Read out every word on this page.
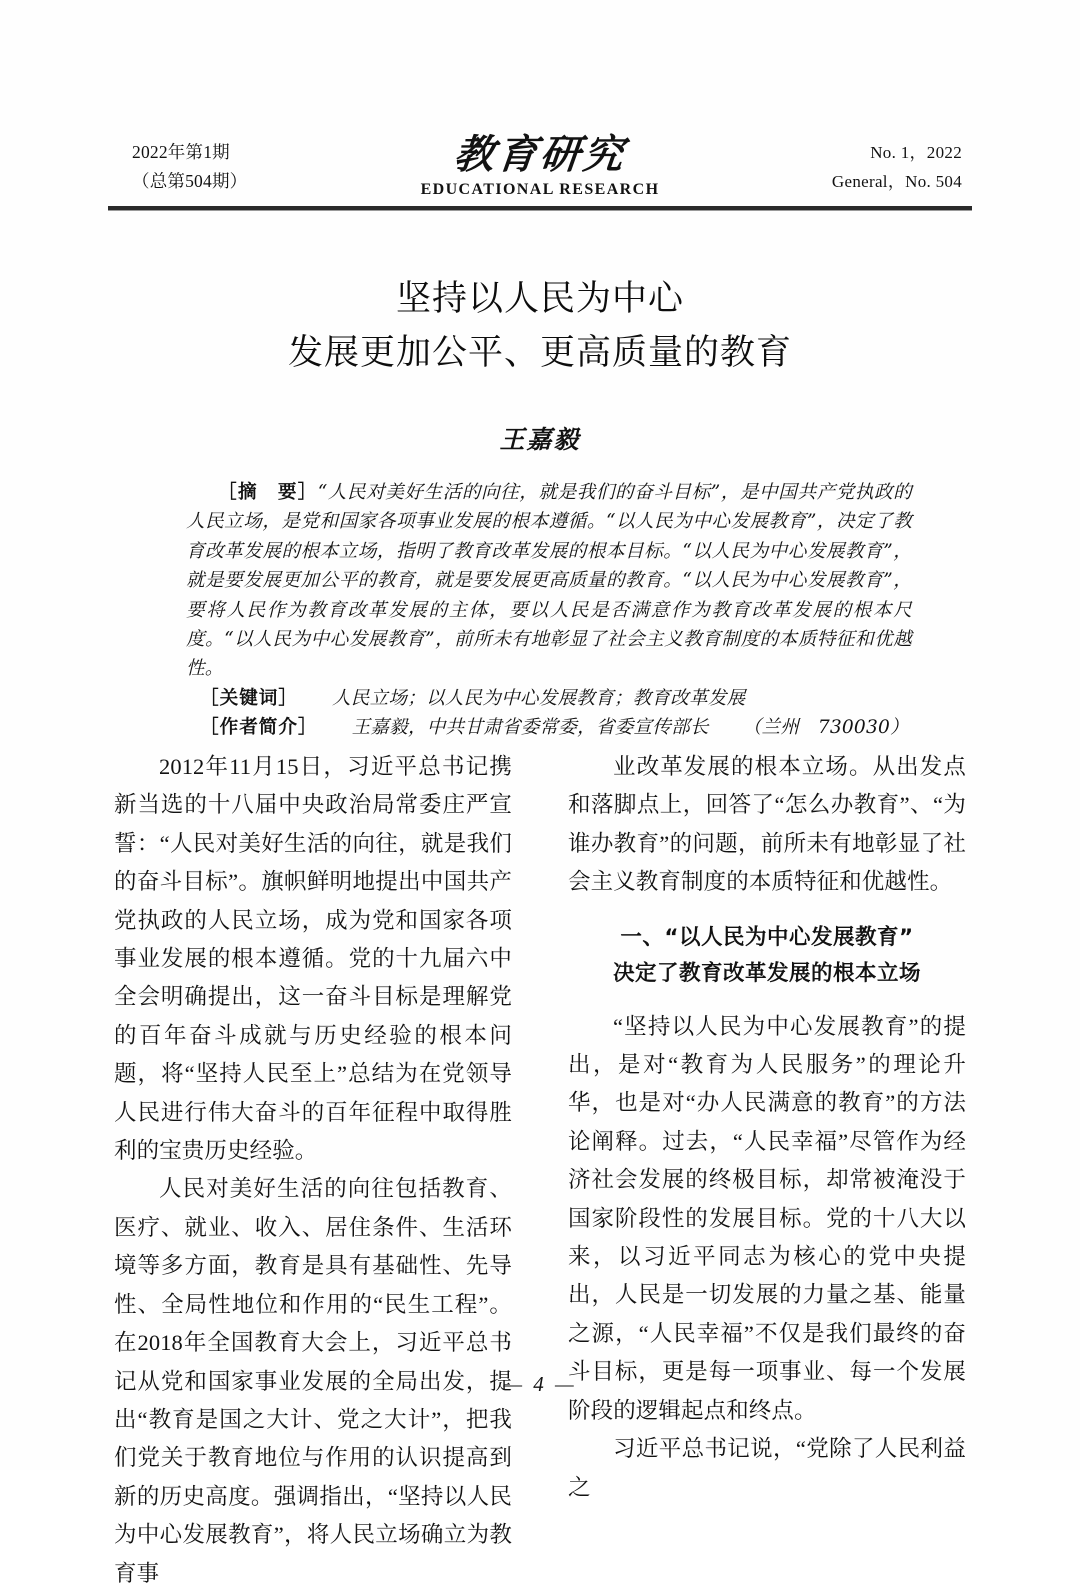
2022年第1期
（总第504期）
教育研究
EDUCATIONAL RESEARCH
No. 1，2022
General，No. 504
坚持以人民为中心
发展更加公平、更高质量的教育
王嘉毅

［摘　要］“人民对美好生活的向往，就是我们的奋斗目标”，是中国共产党执政的人民立场，是党和国家各项事业发展的根本遵循。“以人民为中心发展教育”，决定了教育改革发展的根本立场，指明了教育改革发展的根本目标。“以人民为中心发展教育”，就是要发展更加公平的教育，就是要发展更高质量的教育。“以人民为中心发展教育”，要将人民作为教育改革发展的主体，要以人民是否满意作为教育改革发展的根本尺度。“以人民为中心发展教育”，前所未有地彰显了社会主义教育制度的本质特征和优越性。

［关键词］ 人民立场；以人民为中心发展教育；教育改革发展

［作者简介］ 王嘉毅，中共甘肃省委常委，省委宣传部长 （兰州　730030）

2012年11月15日，习近平总书记携新当选的十八届中央政治局常委庄严宣誓：“人民对美好生活的向往，就是我们的奋斗目标”。旗帜鲜明地提出中国共产党执政的人民立场，成为党和国家各项事业发展的根本遵循。党的十九届六中全会明确提出，这一奋斗目标是理解党的百年奋斗成就与历史经验的根本问题，将“坚持人民至上”总结为在党领导人民进行伟大奋斗的百年征程中取得胜利的宝贵历史经验。

人民对美好生活的向往包括教育、医疗、就业、收入、居住条件、生活环境等多方面，教育是具有基础性、先导性、全局性地位和作用的“民生工程”。在2018年全国教育大会上，习近平总书记从党和国家事业发展的全局出发，提出“教育是国之大计、党之大计”，把我们党关于教育地位与作用的认识提高到新的历史高度。强调指出，“坚持以人民为中心发展教育”，将人民立场确立为教育事

业改革发展的根本立场。从出发点和落脚点上，回答了“怎么办教育”、“为谁办教育”的问题，前所未有地彰显了社会主义教育制度的本质特征和优越性。

一、“以人民为中心发展教育”
决定了教育改革发展的根本立场

“坚持以人民为中心发展教育”的提出，是对“教育为人民服务”的理论升华，也是对“办人民满意的教育”的方法论阐释。过去，“人民幸福”尽管作为经济社会发展的终极目标，却常被淹没于国家阶段性的发展目标。党的十八大以来，以习近平同志为核心的党中央提出，人民是一切发展的力量之基、能量之源，“人民幸福”不仅是我们最终的奋斗目标，更是每一项事业、每一个发展阶段的逻辑起点和终点。

习近平总书记说，“党除了人民利益之

— 4 —
